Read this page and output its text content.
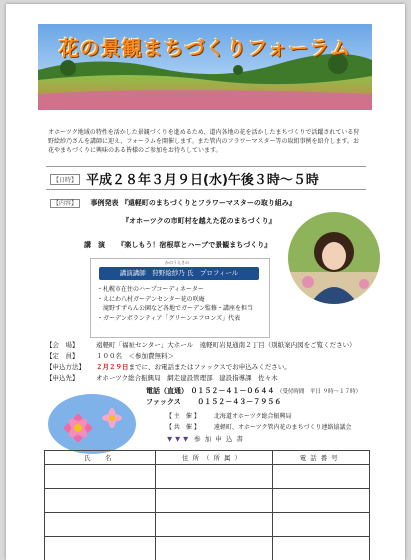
花の景観まちづくりフォーラム
オホーツク地域の特性を活かした景観づくりを進めるため、道内各地の花を活かしたまちづくりで活躍されている狩野絵紗乃さんを講師に迎え、フォーラムを開催します。また管内のフラワーマスター等の取組事例を紹介します。お花やまちづくりに興味のある皆様のご参加をお待ちしています。
【日時】 平成２８年３月９日(水)午後３時～５時
【内容】 事例発表 『遠軽町のまちづくりとフラワーマスターの取り組み』
『オホーツクの市町村を越えた花のまちづくり』
講　演 『楽しもう！宿根草とハーブで景観まちづくり』
かのうえさの
講演講師　狩野絵紗乃 氏　プロフィール
・札幌市在住のハーブコーディネーター
・えにわ八村ガーデンセンター花の咲庵
　滝野すずらん公園など各地でガーデン監修・講座を担当
・ガーデンボランティア「グリーンエフロンズ」代表
【会　場】	遠軽町「福祉センター」大ホール　遠軽町岩見通南２丁目（別紙案内図をご覧ください）
【定　員】	１００名　＜参加費無料＞
【申込方法】 ２月２９日までに、お電話またはファックスでお申込みください。
【申込先】	オホーツク総合振興局　網走建設管理部　建設指導課　佐々木
電話（直通） ０１５２－４１－０６４４ （受付時間　平日 ９時～１７時）
ファックス ０１５２－４３－７９５６
【 主　催 】 北海道オホーツク総合振興局
【 共　催 】 遠軽町、オホーツク管内花のまちづくり連絡協議会
▼▼▼ 参 加 申 込 書
氏　名	住所（所属）	電話番号
